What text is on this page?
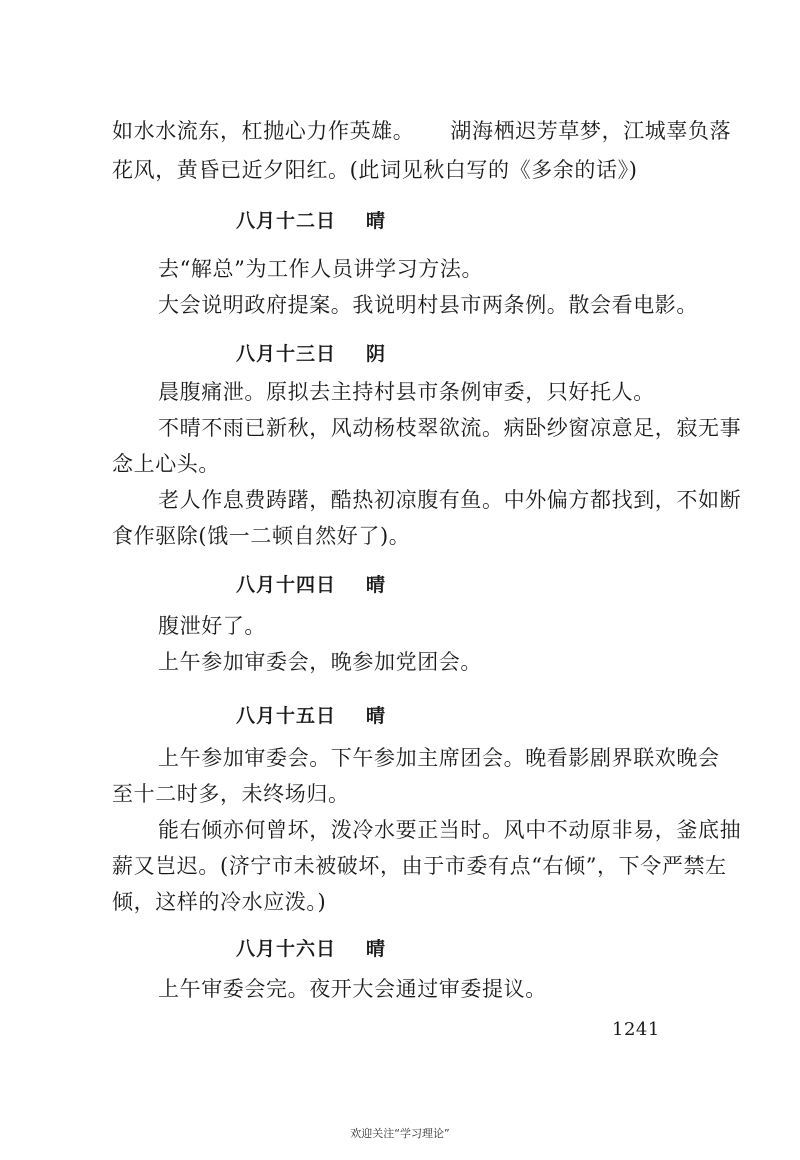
如水水流东，杠抛心力作英雄。 湖海栖迟芳草梦，江城辜负落
花风，黄昏已近夕阳红。(此词见秋白写的《多余的话》)
八月十二日 晴
去“解总”为工作人员讲学习方法。
大会说明政府提案。我说明村县市两条例。散会看电影。
八月十三日 阴
晨腹痛泄。原拟去主持村县市条例审委，只好托人。
不晴不雨已新秋，风动杨枝翠欲流。病卧纱窗凉意足，寂无事
念上心头。
老人作息费踌躇，酷热初凉腹有鱼。中外偏方都找到，不如断
食作驱除(饿一二顿自然好了)。
八月十四日 晴
腹泄好了。
上午参加审委会，晚参加党团会。
八月十五日 晴
上午参加审委会。下午参加主席团会。晚看影剧界联欢晚会
至十二时多，未终场归。
能右倾亦何曾坏，泼冷水要正当时。风中不动原非易，釜底抽
薪又岂迟。(济宁市未被破坏，由于市委有点“右倾”，下令严禁左
倾，这样的冷水应泼。)
八月十六日 晴
上午审委会完。夜开大会通过审委提议。
1241
欢迎关注“学习理论”
